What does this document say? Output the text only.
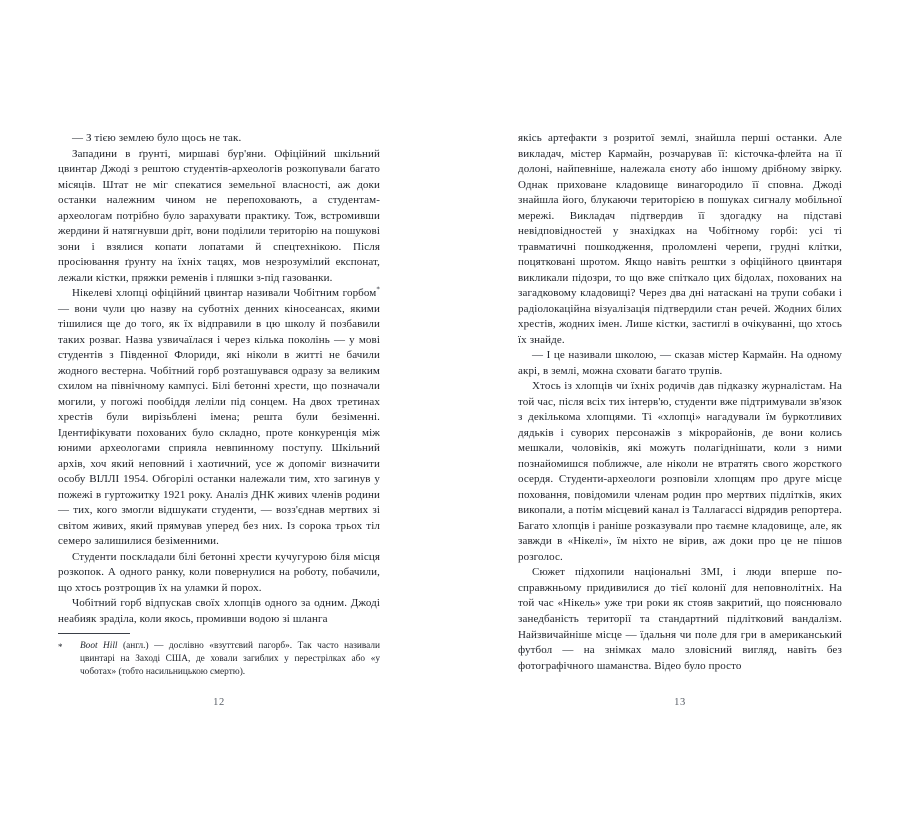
— З тією землею було щось не так.

Западини в ґрунті, миршаві бур'яни. Офіційний шкільний цвинтар Джоді з рештою студентів-археологів розкопували багато місяців. Штат не міг спекатися земельної власності, аж доки останки належним чином не перепоховають, а студентам-археологам потрібно було зарахувати практику. Тож, встромивши жердини й натягнувши дріт, вони поділили територію на пошукові зони і взялися копати лопатами й спецтехнікою. Після просіювання ґрунту на їхніх тацях, мов незрозумілий експонат, лежали кістки, пряжки ременів і пляшки з-під газованки.

Нікелеві хлопці офіційний цвинтар називали Чобітним горбом* — вони чули цю назву на суботніх денних кіносеансах, якими тішилися ще до того, як їх відправили в цю школу й позбавили таких розваг. Назва узвичаїлася і через кілька поколінь — у мові студентів з Південної Флориди, які ніколи в житті не бачили жодного вестерна. Чобітний горб розташувався одразу за великим схилом на північному кампусі. Білі бетонні хрести, що позначали могили, у погожі пообіддя леліли під сонцем. На двох третинах хрестів були вирізьблені імена; решта були безіменні. Ідентифікувати похованих було складно, проте конкуренція між юними археологами сприяла невпинному поступу. Шкільний архів, хоч який неповний і хаотичний, усе ж допоміг визначити особу ВІЛЛІ 1954. Обгорілі останки належали тим, хто загинув у пожежі в гуртожитку 1921 року. Аналіз ДНК живих членів родини — тих, кого змогли відшукати студенти, — возз'єднав мертвих зі світом живих, який прямував уперед без них. Із сорока трьох тіл семеро залишилися безіменними.

Студенти поскладали білі бетонні хрести кучугурою біля місця розкопок. А одного ранку, коли повернулися на роботу, побачили, що хтось розтрощив їх на уламки й порох.

Чобітний горб відпускав своїх хлопців одного за одним. Джоді неабияк зраділа, коли якось, промивши водою зі шланга

*	Boot Hill (англ.) — дослівно «взуттєвий пагорб». Так часто називали цвинтарі на Заході США, де ховали загиблих у перестрілках або «у чоботах» (тобто насильницькою смертю).
12

якісь артефакти з розритої землі, знайшла перші останки. Але викладач, містер Кармайн, розчарував її: кісточка-флейта на її долоні, найпевніше, належала єноту або іншому дрібному звірку. Однак приховане кладовище винагородило її сповна. Джоді знайшла його, блукаючи територією в пошуках сигналу мобільної мережі. Викладач підтвердив її здогадку на підставі невідповідностей у знахідках на Чобітному горбі: усі ті травматичні пошкодження, проломлені черепи, грудні клітки, поцятковані шротом. Якщо навіть рештки з офіційного цвинтаря викликали підозри, то що вже спіткало цих бідолах, похованих на загадковому кладовищі? Через два дні натаскані на трупи собаки і радіолокаційна візуалізація підтвердили стан речей. Жодних білих хрестів, жодних імен. Лише кістки, застиглі в очікуванні, що хтось їх знайде.

— І це називали школою, — сказав містер Кармайн. На одному акрі, в землі, можна сховати багато трупів.

Хтось із хлопців чи їхніх родичів дав підказку журналістам. На той час, після всіх тих інтерв'ю, студенти вже підтримували зв'язок з декількома хлопцями. Ті «хлопці» нагадували їм буркотливих дядьків і суворих персонажів з мікрорайонів, де вони колись мешкали, чоловіків, які можуть полагіднішати, коли з ними познайомишся поближче, але ніколи не втратять свого жорсткого осердя. Студенти-археологи розповіли хлопцям про друге місце поховання, повідомили членам родин про мертвих підлітків, яких викопали, а потім місцевий канал із Таллагассі відрядив репортера. Багато хлопців і раніше розказували про таємне кладовище, але, як завжди в «Нікелі», їм ніхто не вірив, аж доки про це не пішов розголос.

Сюжет підхопили національні ЗМІ, і люди вперше по-справжньому придивилися до тієї колонії для неповнолітніх. На той час «Нікель» уже три роки як стояв закритий, що пояснювало занедбаність території та стандартний підлітковий вандалізм. Найзвичайніше місце — їдальня чи поле для гри в американський футбол — на знімках мало зловісний вигляд, навіть без фотографічного шаманства. Відео було просто

13
